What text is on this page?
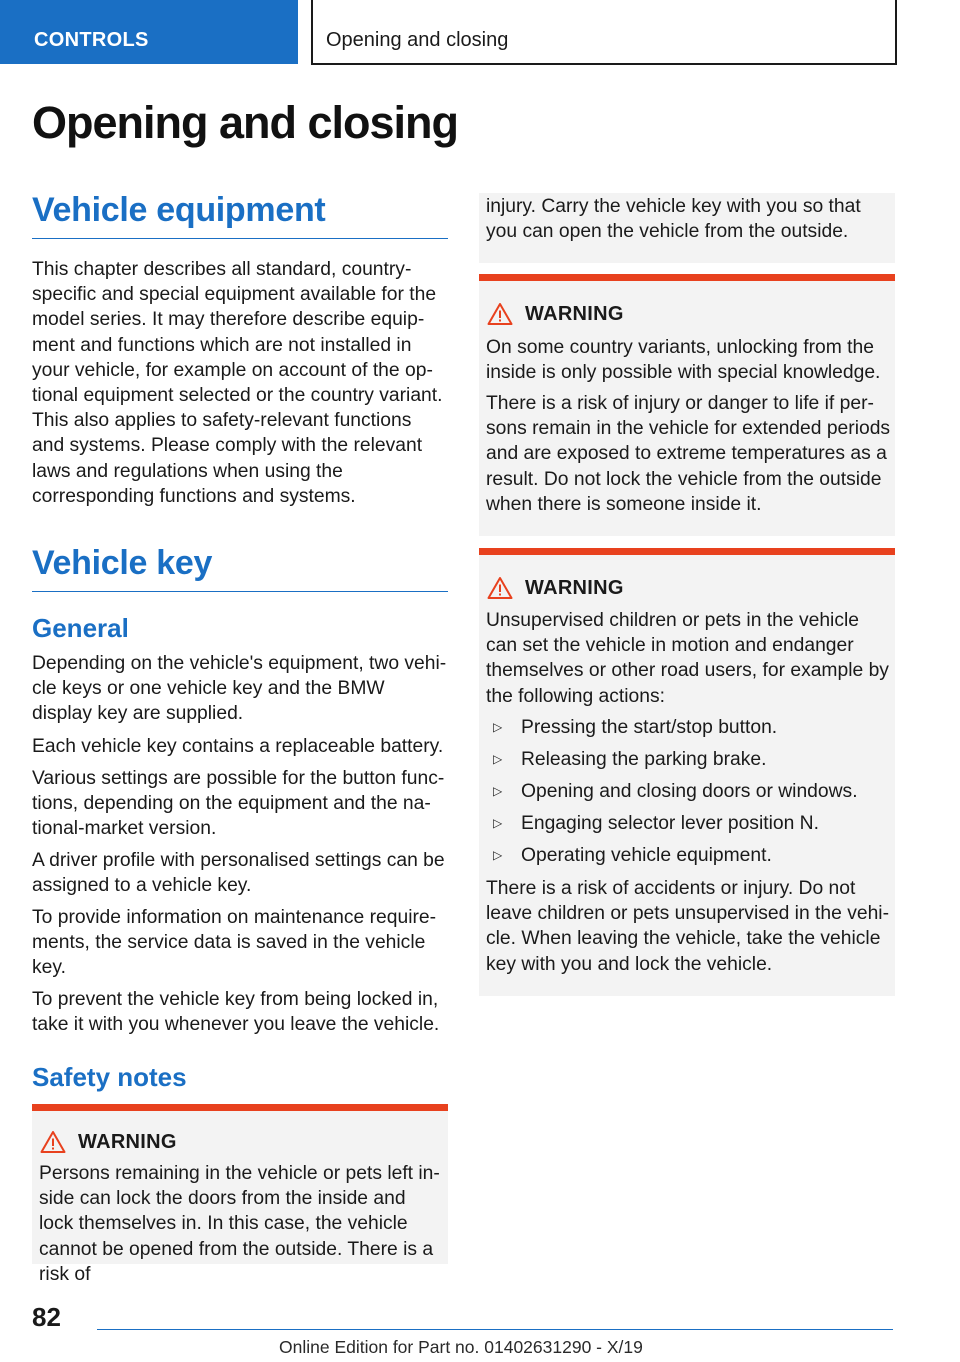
CONTROLS	Opening and closing
Opening and closing
Vehicle equipment

This chapter describes all standard, country-specific and special equipment available for the model series. It may therefore describe equipment and functions which are not installed in your vehicle, for example on account of the optional equipment selected or the country variant. This also applies to safety-relevant functions and systems. Please comply with the relevant laws and regulations when using the corresponding functions and systems.

Vehicle key
General

Depending on the vehicle's equipment, two vehicle keys or one vehicle key and the BMW display key are supplied.

Each vehicle key contains a replaceable battery.

Various settings are possible for the button functions, depending on the equipment and the national-market version.

A driver profile with personalised settings can be assigned to a vehicle key.

To provide information on maintenance requirements, the service data is saved in the vehicle key.

To prevent the vehicle key from being locked in, take it with you whenever you leave the vehicle.

Safety notes
WARNING

Persons remaining in the vehicle or pets left inside can lock the doors from the inside and lock themselves in. In this case, the vehicle cannot be opened from the outside. There is a risk of

injury. Carry the vehicle key with you so that you can open the vehicle from the outside.

WARNING

On some country variants, unlocking from the inside is only possible with special knowledge.

There is a risk of injury or danger to life if persons remain in the vehicle for extended periods and are exposed to extreme temperatures as a result. Do not lock the vehicle from the outside when there is someone inside it.

WARNING

Unsupervised children or pets in the vehicle can set the vehicle in motion and endanger themselves or other road users, for example by the following actions:

▷ Pressing the start/stop button.
▷ Releasing the parking brake.
▷ Opening and closing doors or windows.
▷ Engaging selector lever position N.
▷ Operating vehicle equipment.

There is a risk of accidents or injury. Do not leave children or pets unsupervised in the vehicle. When leaving the vehicle, take the vehicle key with you and lock the vehicle.

82
Online Edition for Part no. 01402631290 - X/19
